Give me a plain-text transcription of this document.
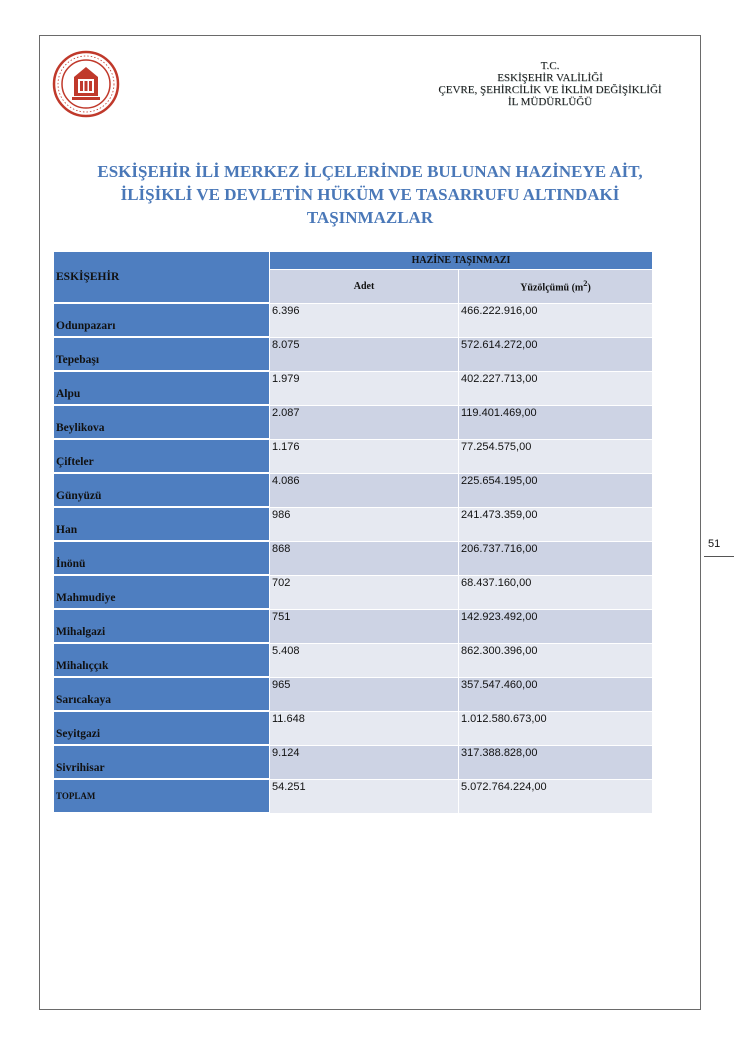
T.C.
ESKİŞEHİR VALİLİĞİ
ÇEVRE, ŞEHİRCİLİK VE İKLİM DEĞİŞİKLİĞİ
İL MÜDÜRLÜĞÜ
ESKİŞEHİR İLİ MERKEZ İLÇELERİNDE BULUNAN HAZİNEYE AİT,
İLİŞİKLİ VE DEVLETİN HÜKÜM VE TASARRUFU ALTINDAKİ
TAŞINMAZLAR
ESKİŞEHİR	HAZİNE TAŞINMAZI	
	Adet	Yüzölçümü $(m^2)$
Odunpazarı	6.396	466.222.916,00
Tepebaşı	8.075	572.614.272,00
Alpu	1.979	402.227.713,00
Beylikova	2.087	119.401.469,00
Çifteler	1.176	77.254.575,00
Günyüzü	4.086	225.654.195,00
Han	986	241.473.359,00
İnönü	868	206.737.716,00
Mahmudiye	702	68.437.160,00
Mihalgazi	751	142.923.492,00
Mihalıççık	5.408	862.300.396,00
Sarıcakaya	965	357.547.460,00
Seyitgazi	11.648	1.012.580.673,00
Sivrihisar	9.124	317.388.828,00
TOPLAM	54.251	5.072.764.224,00
51
